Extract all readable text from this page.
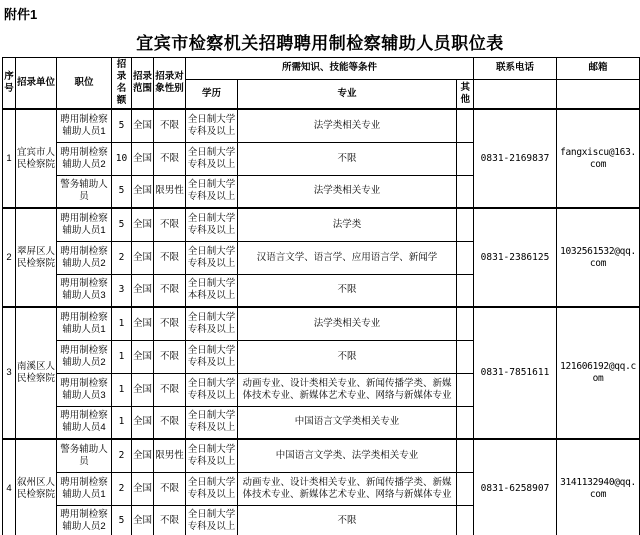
附件1
宜宾市检察机关招聘聘用制检察辅助人员职位表
序号	招录单位	职位	招录名额	招录范围	招录对象性别	所需知识、技能等条件			联系电话	邮箱
						学历	专业	其他		
1	宜宾市人民检察院	聘用制检察辅助人员1	5	全国	不限	全日制大学专科及以上	法学类相关专业		0831-2169837	fangxiscu@163.com
		聘用制检察辅助人员2	10	全国	不限	全日制大学专科及以上	不限			
		警务辅助人员	5	全国	限男性	全日制大学专科及以上	法学类相关专业			
2	翠屏区人民检察院	聘用制检察辅助人员1	5	全国	不限	全日制大学专科及以上	法学类		0831-2386125	1032561532@qq.com
		聘用制检察辅助人员2	2	全国	不限	全日制大学专科及以上	汉语言文学、语言学、应用语言学、新闻学			
		聘用制检察辅助人员3	3	全国	不限	全日制大学本科及以上	不限			
3	南溪区人民检察院	聘用制检察辅助人员1	1	全国	不限	全日制大学专科及以上	法学类相关专业		0831-7851611	121606192@qq.com
		聘用制检察辅助人员2	1	全国	不限	全日制大学专科及以上	不限			
		聘用制检察辅助人员3	1	全国	不限	全日制大学专科及以上	动画专业、设计类相关专业、新闻传播学类、新媒体技术专业、新媒体艺术专业、网络与新媒体专业			
		聘用制检察辅助人员4	1	全国	不限	全日制大学专科及以上	中国语言文学类相关专业			
4	叙州区人民检察院	警务辅助人员	2	全国	限男性	全日制大学专科及以上	中国语言文学类、法学类相关专业		0831-6258907	3141132940@qq.com
		聘用制检察辅助人员1	2	全国	不限	全日制大学专科及以上	动画专业、设计类相关专业、新闻传播学类、新媒体技术专业、新媒体艺术专业、网络与新媒体专业			
		聘用制检察辅助人员2	5	全国	不限	全日制大学专科及以上	不限			
